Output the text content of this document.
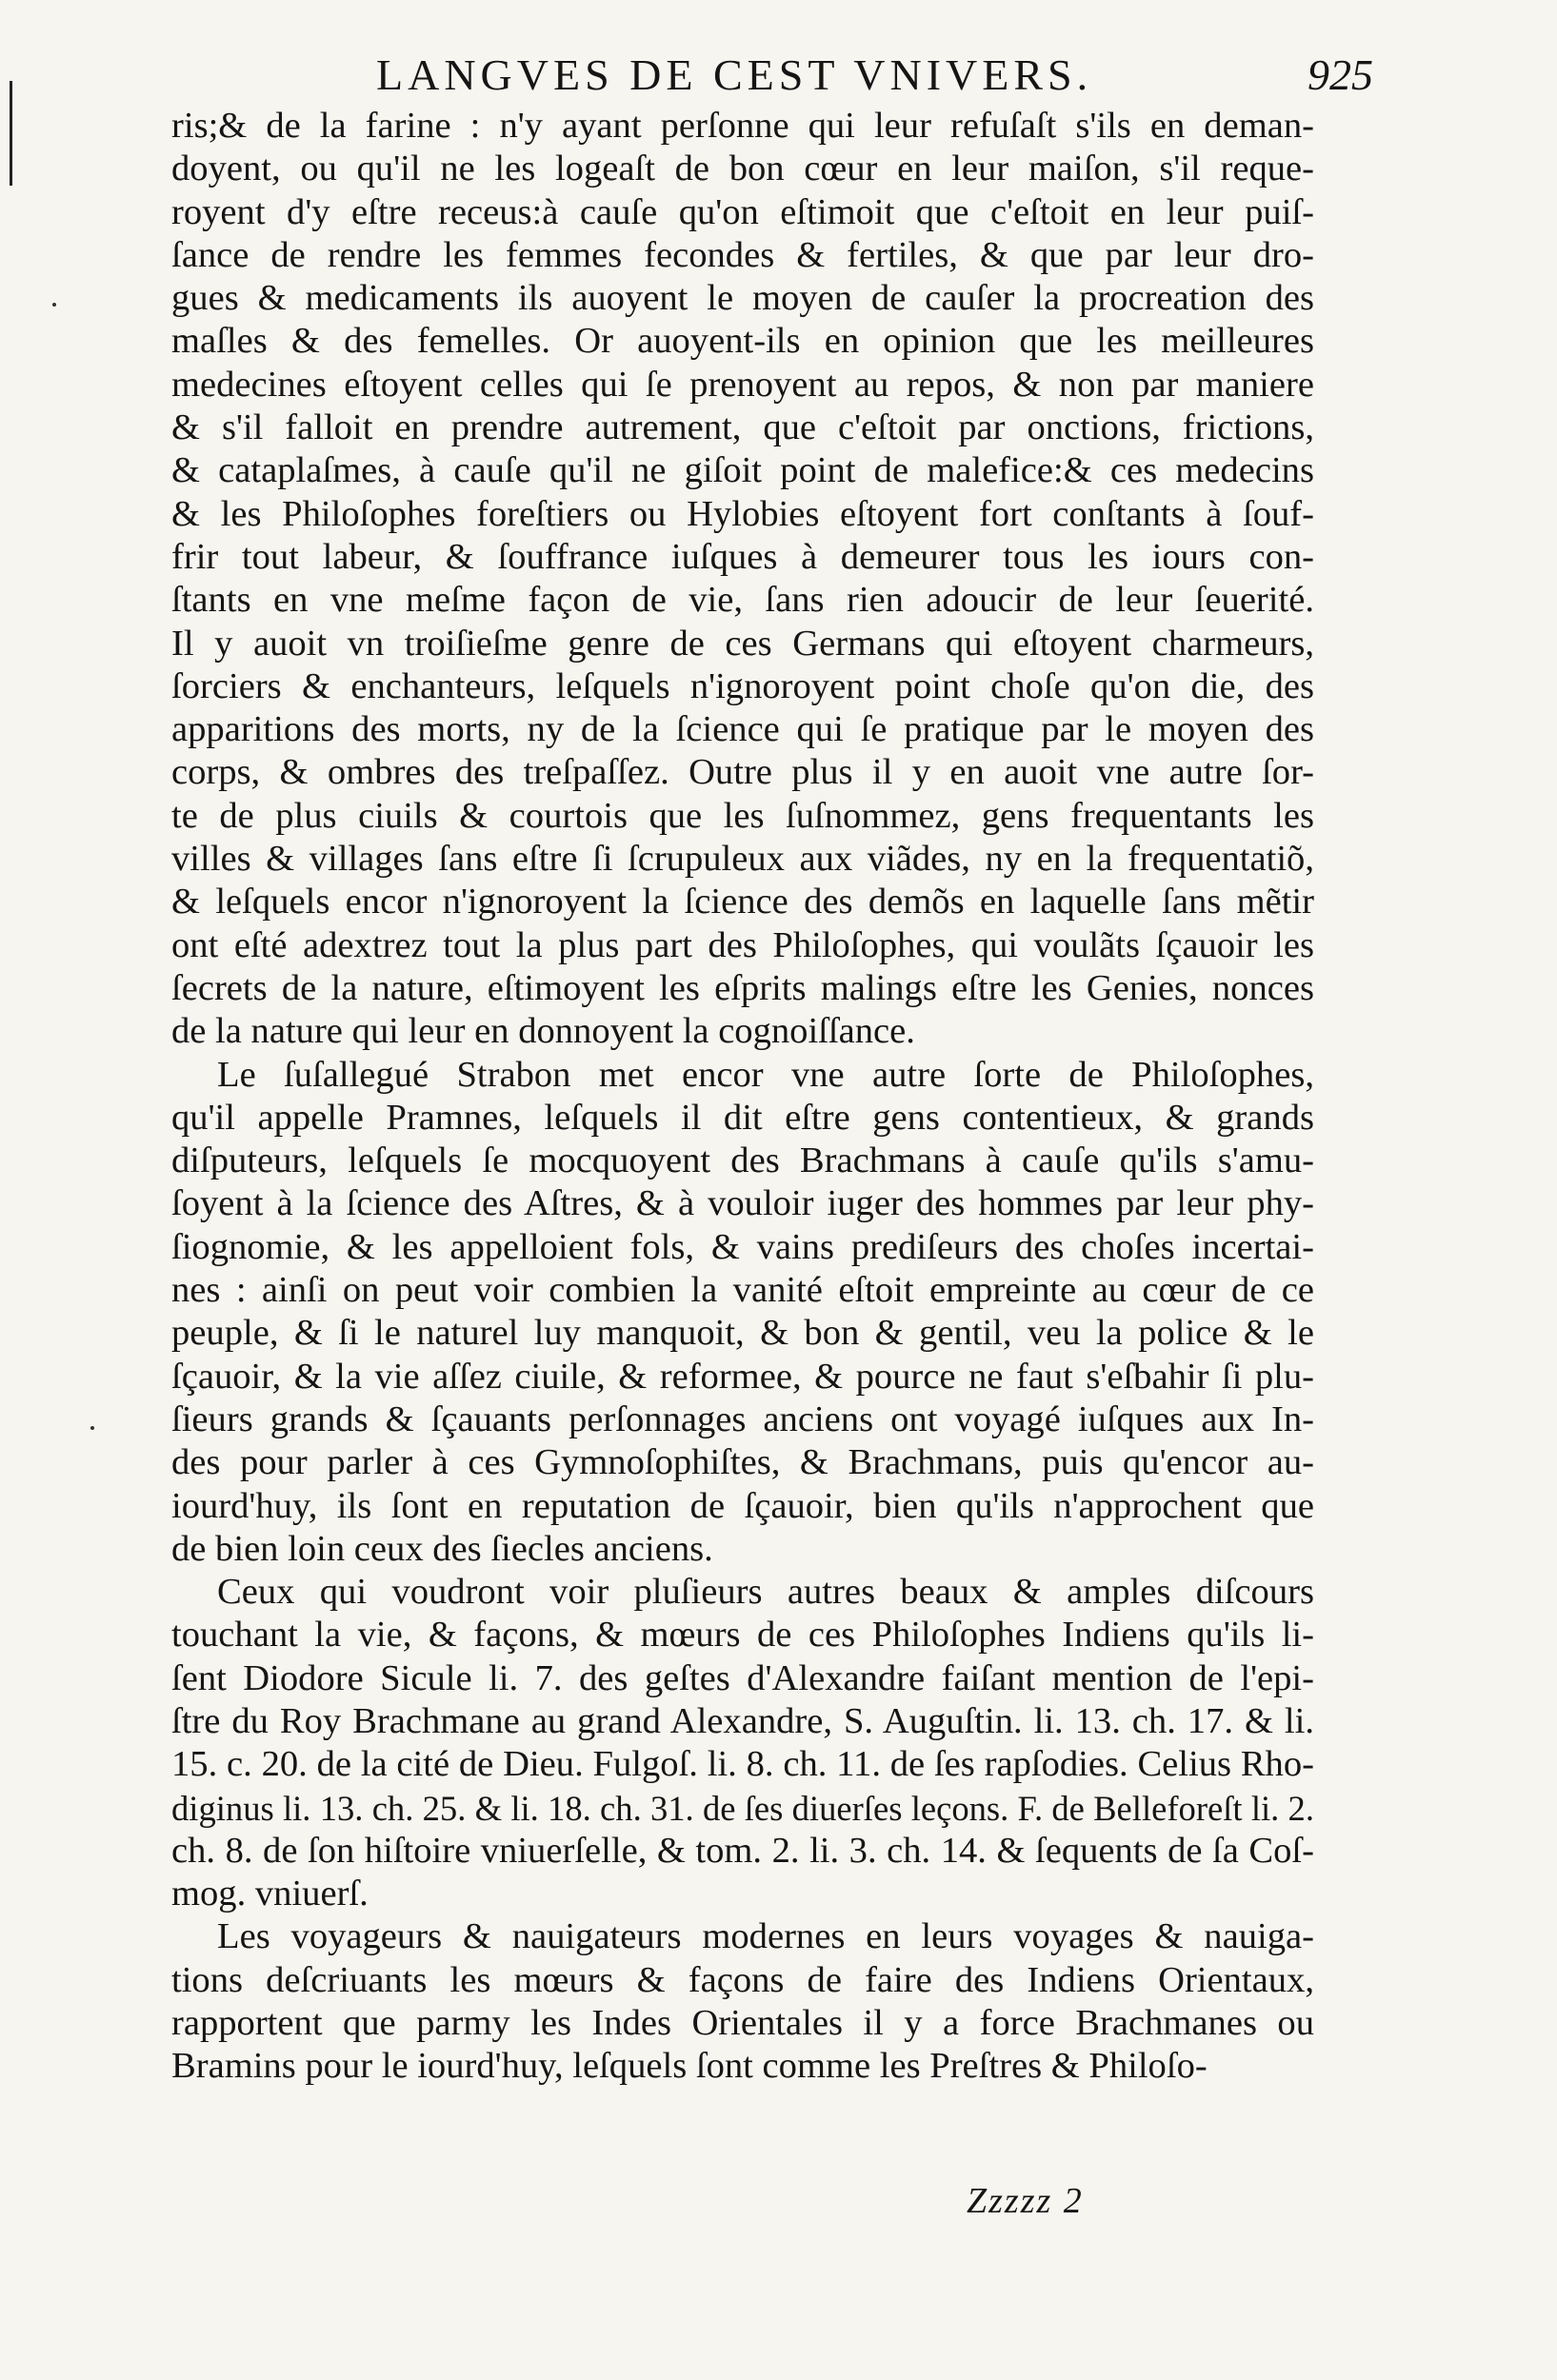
LANGVES DE CEST VNIVERS.	925

ris;& de la farine : n'y ayant perſonne qui leur refuſaſt s'ils en deman-
doyent, ou qu'il ne les logeaſt de bon cœur en leur maiſon, s'il reque-
royent d'y eſtre receus:à cauſe qu'on eſtimoit que c'eſtoit en leur puiſ-
ſance de rendre les femmes fecondes & fertiles, & que par leur dro-
gues & medicaments ils auoyent le moyen de cauſer la procreation des
maſles & des femelles. Or auoyent-ils en opinion que les meilleures
medecines eſtoyent celles qui ſe prenoyent au repos, & non par maniere
& s'il falloit en prendre autrement, que c'eſtoit par onctions, frictions,
& cataplaſmes, à cauſe qu'il ne giſoit point de malefice:& ces medecins
& les Philoſophes foreſtiers ou Hylobies eſtoyent fort conſtants à ſouf-
frir tout labeur, & ſouffrance iuſques à demeurer tous les iours con-
ſtants en vne meſme façon de vie, ſans rien adoucir de leur ſeuerité.
Il y auoit vn troiſieſme genre de ces Germans qui eſtoyent charmeurs,
ſorciers & enchanteurs, leſquels n'ignoroyent point choſe qu'on die, des
apparitions des morts, ny de la ſcience qui ſe pratique par le moyen des
corps, & ombres des treſpaſſez. Outre plus il y en auoit vne autre ſor-
te de plus ciuils & courtois que les ſuſnommez, gens frequentants les
villes & villages ſans eſtre ſi ſcrupuleux aux viãdes, ny en la frequentatiõ,
& leſquels encor n'ignoroyent la ſcience des demõs en laquelle ſans mẽtir
ont eſté adextrez tout la plus part des Philoſophes, qui voulãts ſçauoir les
ſecrets de la nature, eſtimoyent les eſprits malings eſtre les Genies, nonces
de la nature qui leur en donnoyent la cognoiſſance.

Le ſuſallegué Strabon met encor vne autre ſorte de Philoſophes,
qu'il appelle Pramnes, leſquels il dit eſtre gens contentieux, & grands
diſputeurs, leſquels ſe mocquoyent des Brachmans à cauſe qu'ils s'amu-
ſoyent à la ſcience des Aſtres, & à vouloir iuger des hommes par leur phy-
ſiognomie, & les appelloient fols, & vains prediſeurs des choſes incertai-
nes : ainſi on peut voir combien la vanité eſtoit empreinte au cœur de ce
peuple, & ſi le naturel luy manquoit, & bon & gentil, veu la police & le
ſçauoir, & la vie aſſez ciuile, & reformee, & pource ne faut s'eſbahir ſi plu-
ſieurs grands & ſçauants perſonnages anciens ont voyagé iuſques aux In-
des pour parler à ces Gymnoſophiſtes, & Brachmans, puis qu'encor au-
iourd'huy, ils ſont en reputation de ſçauoir, bien qu'ils n'approchent que
de bien loin ceux des ſiecles anciens.

Ceux qui voudront voir pluſieurs autres beaux & amples diſcours
touchant la vie, & façons, & mœurs de ces Philoſophes Indiens qu'ils li-
ſent Diodore Sicule li. 7. des geſtes d'Alexandre faiſant mention de l'epi-
ſtre du Roy Brachmane au grand Alexandre, S. Auguſtin. li. 13. ch. 17. & li.
15. c. 20. de la cité de Dieu. Fulgoſ. li. 8. ch. 11. de ſes rapſodies. Celius Rho-
diginus li. 13. ch. 25. & li. 18. ch. 31. de ſes diuerſes leçons. F. de Belleforeſt li. 2.
ch. 8. de ſon hiſtoire vniuerſelle, & tom. 2. li. 3. ch. 14. & ſequents de ſa Coſ-
mog. vniuerſ.

Les voyageurs & nauigateurs modernes en leurs voyages & nauiga-
tions deſcriuants les mœurs & façons de faire des Indiens Orientaux,
rapportent que parmy les Indes Orientales il y a force Brachmanes ou
Bramins pour le iourd'huy, leſquels ſont comme les Preſtres & Philoſo-

Zzzzz 2
